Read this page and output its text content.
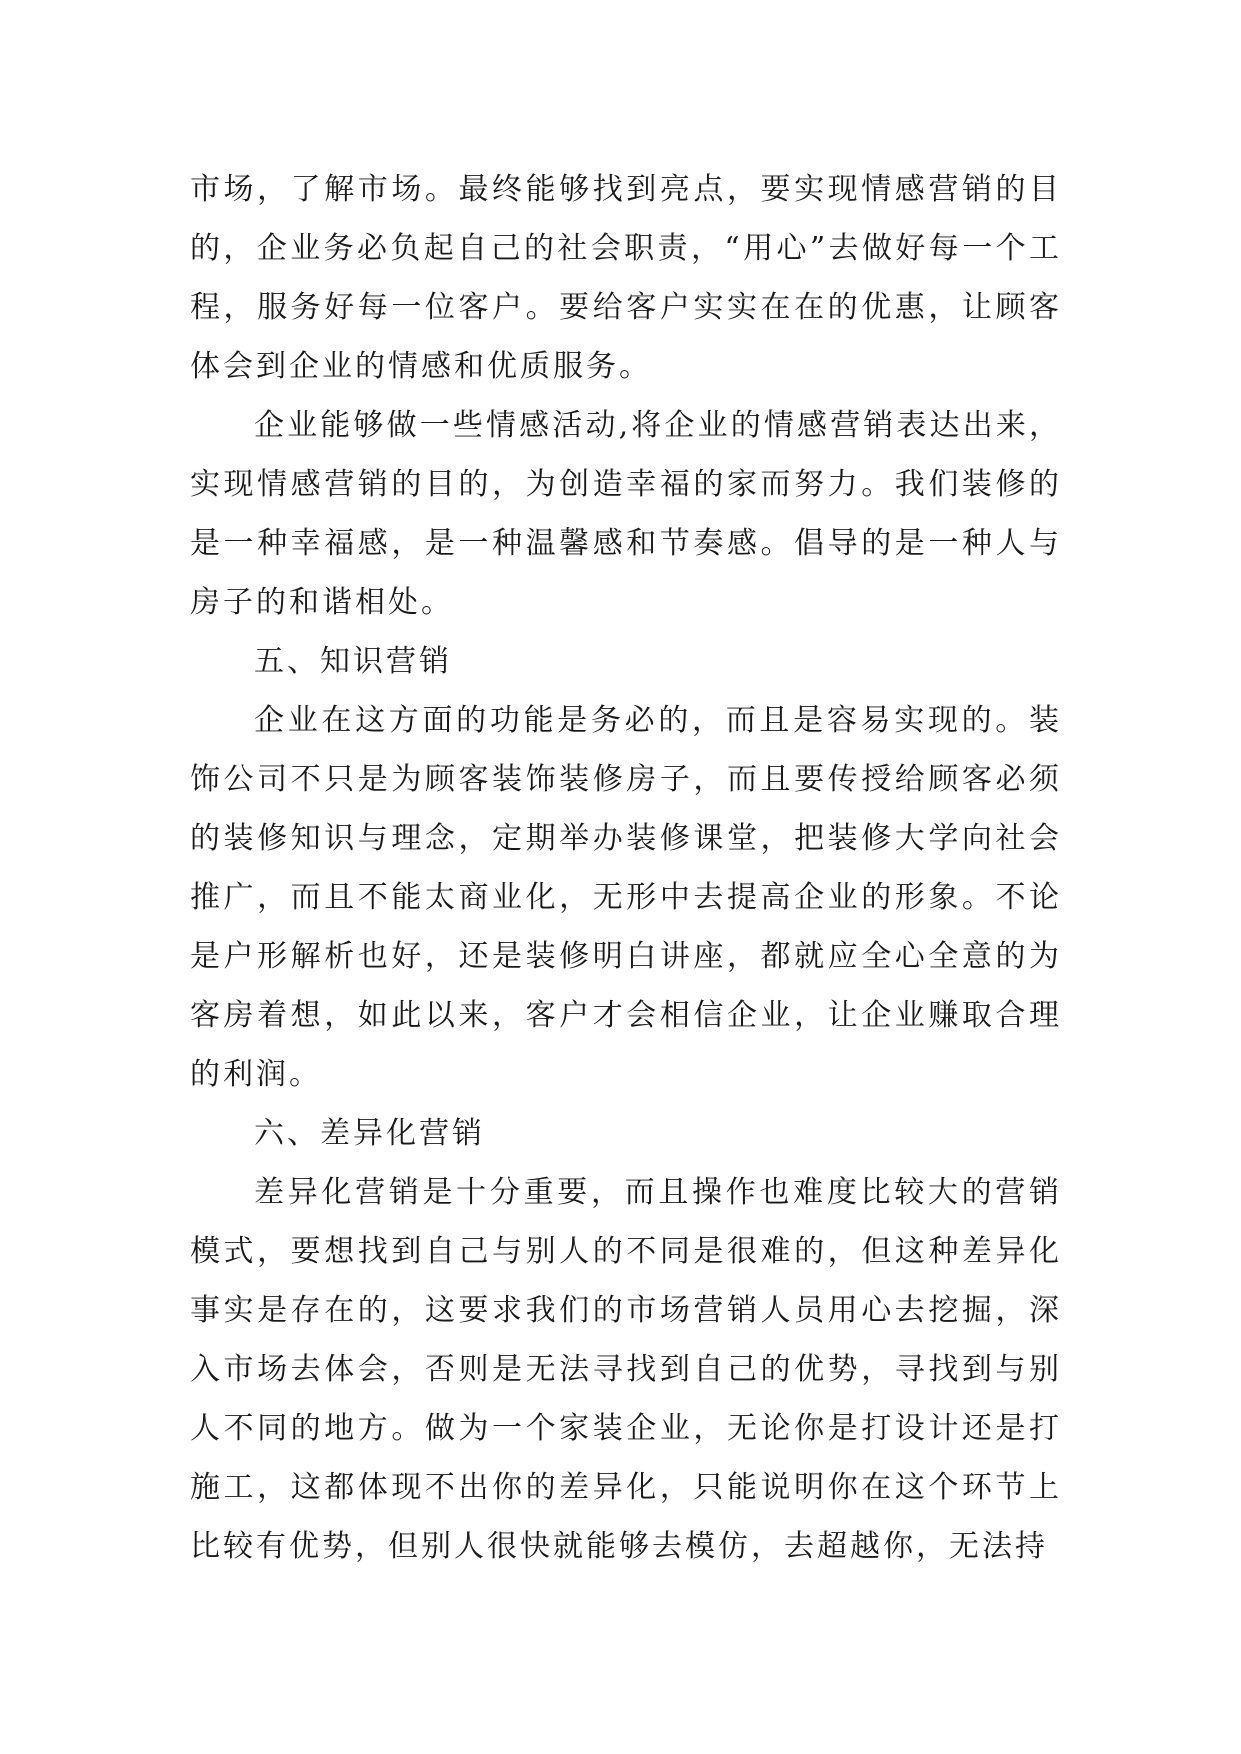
市场，了解市场。最终能够找到亮点，要实现情感营销的目的，企业务必负起自己的社会职责，“用心”去做好每一个工程，服务好每一位客户。要给客户实实在在的优惠，让顾客体会到企业的情感和优质服务。

企业能够做一些情感活动,将企业的情感营销表达出来，实现情感营销的目的，为创造幸福的家而努力。我们装修的是一种幸福感，是一种温馨感和节奏感。倡导的是一种人与房子的和谐相处。

五、知识营销

企业在这方面的功能是务必的，而且是容易实现的。装饰公司不只是为顾客装饰装修房子，而且要传授给顾客必须的装修知识与理念，定期举办装修课堂，把装修大学向社会推广，而且不能太商业化，无形中去提高企业的形象。不论是户形解析也好，还是装修明白讲座，都就应全心全意的为客房着想，如此以来，客户才会相信企业，让企业赚取合理的利润。

六、差异化营销

差异化营销是十分重要，而且操作也难度比较大的营销模式，要想找到自己与别人的不同是很难的，但这种差异化事实是存在的，这要求我们的市场营销人员用心去挖掘，深入市场去体会，否则是无法寻找到自己的优势，寻找到与别人不同的地方。做为一个家装企业，无论你是打设计还是打施工，这都体现不出你的差异化，只能说明你在这个环节上比较有优势，但别人很快就能够去模仿，去超越你，无法持
